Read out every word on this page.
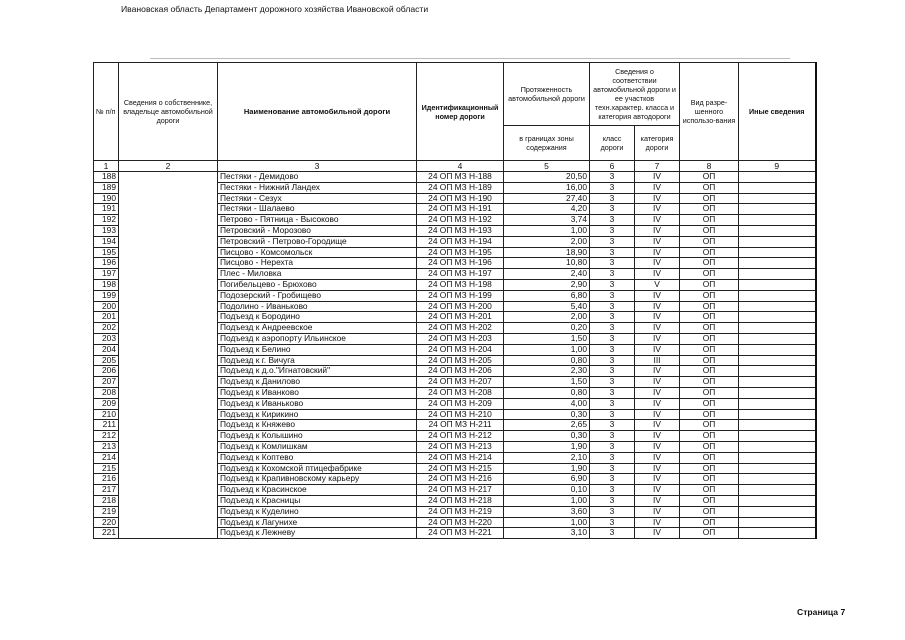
№ п/п	Сведения о собственнике, владельце автомобильной дороги	Наименование автомобильной дороги	Идентификационный номер дороги	Протяженность автомобильной дороги	Сведения о соответствии автомобильной дороги и ее участков техн.характер. класса и категория автодороги		Вид разре-шенного использо-вания	Иные сведения
				в границах зоны содержания	класс дороги	категория дороги		
1	2	3	4	5	6	7	8	9
188	Ивановская область Департамент дорожного хозяйства Ивановской области	Пестяки - Демидово	24 ОП МЗ Н-188	20,50	3	IV	ОП	
189		Пестяки - Нижний Ландех	24 ОП МЗ Н-189	16,00	3	IV	ОП	
190		Пестяки - Сезух	24 ОП МЗ Н-190	27,40	3	IV	ОП	
191		Пестяки - Шалаево	24 ОП МЗ Н-191	4,20	3	IV	ОП	
192		Петрово - Пятница - Высоково	24 ОП МЗ Н-192	3,74	3	IV	ОП	
193		Петровский - Морозово	24 ОП МЗ Н-193	1,00	3	IV	ОП	
194		Петровский - Петрово-Городище	24 ОП МЗ Н-194	2,00	3	IV	ОП	
195		Писцово - Комсомольск	24 ОП МЗ Н-195	18,90	3	IV	ОП	
196		Писцово - Нерехта	24 ОП МЗ Н-196	10,80	3	IV	ОП	
197		Плес - Миловка	24 ОП МЗ Н-197	2,40	3	IV	ОП	
198		Погибельцево - Брюхово	24 ОП МЗ Н-198	2,90	3	V	ОП	
199		Подозерский - Гробищево	24 ОП МЗ Н-199	6,80	3	IV	ОП	
200		Подолино - Иваньково	24 ОП МЗ Н-200	5,40	3	IV	ОП	
201		Подъезд к Бородино	24 ОП МЗ Н-201	2,00	3	IV	ОП	
202		Подъезд к Андреевское	24 ОП МЗ Н-202	0,20	3	IV	ОП	
203		Подъезд к аэропорту Ильинское	24 ОП МЗ Н-203	1,50	3	IV	ОП	
204		Подъезд к Белино	24 ОП МЗ Н-204	1,00	3	IV	ОП	
205		Подъезд к г. Вичуга	24 ОП МЗ Н-205	0,80	3	III	ОП	
206		Подъезд к д.о."Игнатовский"	24 ОП МЗ Н-206	2,30	3	IV	ОП	
207		Подъезд к Данилово	24 ОП МЗ Н-207	1,50	3	IV	ОП	
208		Подъезд к Иванково	24 ОП МЗ Н-208	0,80	3	IV	ОП	
209		Подъезд к Иваньково	24 ОП МЗ Н-209	4,00	3	IV	ОП	
210		Подъезд к Кирикино	24 ОП МЗ Н-210	0,30	3	IV	ОП	
211		Подъезд к Княжево	24 ОП МЗ Н-211	2,65	3	IV	ОП	
212		Подъезд к Колышино	24 ОП МЗ Н-212	0,30	3	IV	ОП	
213		Подъезд к Комлишкам	24 ОП МЗ Н-213	1,90	3	IV	ОП	
214		Подъезд к Коптево	24 ОП МЗ Н-214	2,10	3	IV	ОП	
215		Подъезд к Кохомской птицефабрике	24 ОП МЗ Н-215	1,90	3	IV	ОП	
216		Подъезд к Крапивновскому карьеру	24 ОП МЗ Н-216	6,90	3	IV	ОП	
217		Подъезд к Красинское	24 ОП МЗ Н-217	0,10	3	IV	ОП	
218		Подъезд к Красницы	24 ОП МЗ Н-218	1,00	3	IV	ОП	
219		Подъезд к Куделино	24 ОП МЗ Н-219	3,60	3	IV	ОП	
220		Подъезд к Лагунихе	24 ОП МЗ Н-220	1,00	3	IV	ОП	
221		Подъезд к Лежневу	24 ОП МЗ Н-221	3,10	3	IV	ОП	
Страница 7
